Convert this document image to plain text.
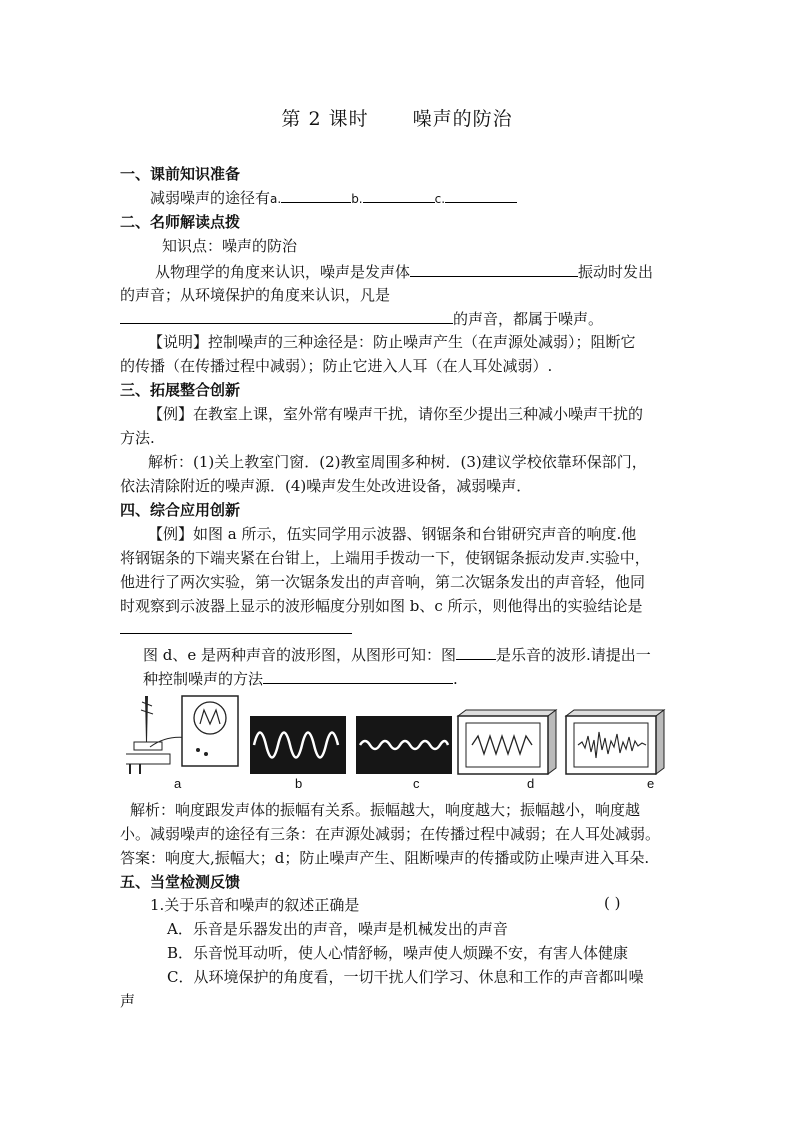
第 2 课时 噪声的防治
一、课前知识准备
减弱噪声的途径有a.	b.	c.
二、名师解读点拨
知识点：噪声的防治
从物理学的角度来认识，噪声是发声体	振动时发出
的声音；从环境保护的角度来认识，凡是
的声音，都属于噪声。
【说明】控制噪声的三种途径是：防止噪声产生（在声源处减弱）；阻断它
的传播（在传播过程中减弱）；防止它进入人耳（在人耳处减弱）.
三、拓展整合创新
【例】在教室上课，室外常有噪声干扰，请你至少提出三种减小噪声干扰的
方法.
解析：(1)关上教室门窗．(2)教室周围多种树．(3)建议学校依靠环保部门，
依法清除附近的噪声源．(4)噪声发生处改进设备，减弱噪声．
四、综合应用创新
【例】如图 a 所示，伍实同学用示波器、钢锯条和台钳研究声音的响度.他
将钢锯条的下端夹紧在台钳上，上端用手拨动一下，使钢锯条振动发声.实验中，
他进行了两次实验，第一次锯条发出的声音响，第二次锯条发出的声音轻，他同
时观察到示波器上显示的波形幅度分别如图 b、c 所示，则他得出的实验结论是
图 d、e 是两种声音的波形图，从图形可知：图	是乐音的波形.请提出一
种控制噪声的方法	.
a	b	c	d	e
解析：响度跟发声体的振幅有关系。振幅越大，响度越大；振幅越小，响度越
小。减弱噪声的途径有三条：在声源处减弱；在传播过程中减弱；在人耳处减弱。
答案：响度大,振幅大；d；防止噪声产生、阻断噪声的传播或防止噪声进入耳朵.
五、当堂检测反馈
1.关于乐音和噪声的叙述正确是	( )
A．乐音是乐器发出的声音，噪声是机械发出的声音
B．乐音悦耳动听，使人心情舒畅，噪声使人烦躁不安，有害人体健康
C．从环境保护的角度看，一切干扰人们学习、休息和工作的声音都叫噪
声
